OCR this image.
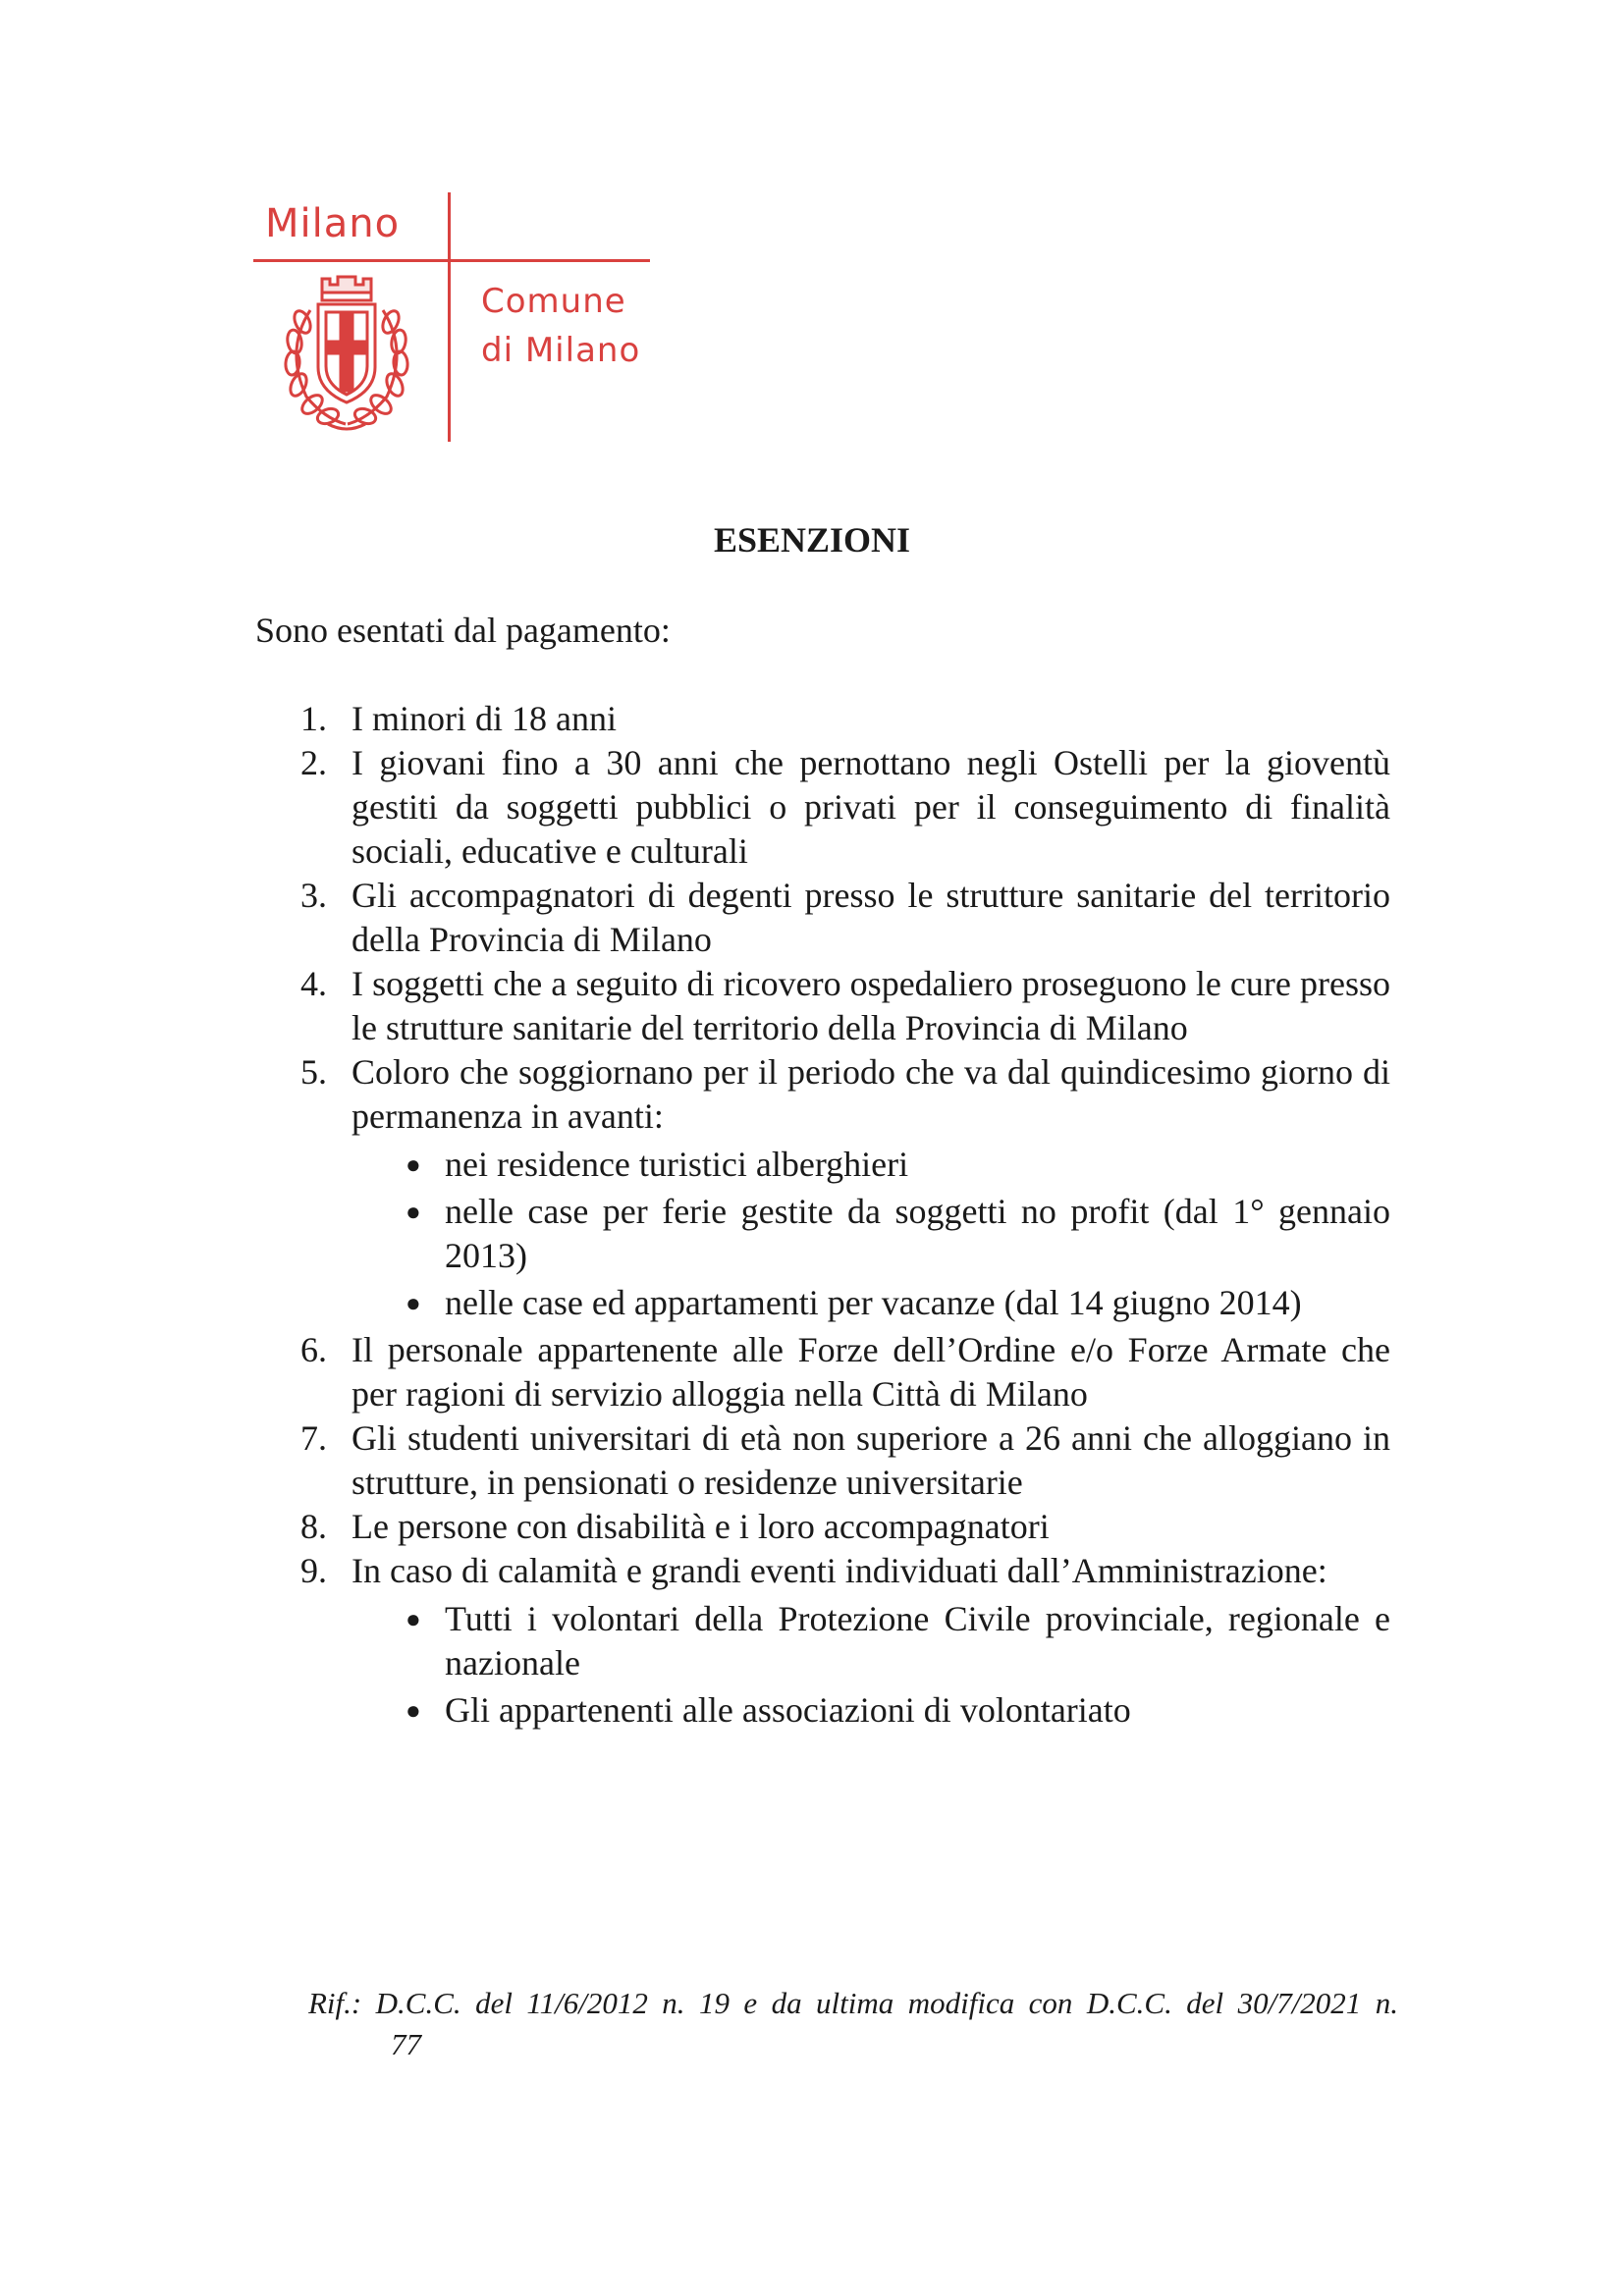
Milano
Comune
di Milano
ESENZIONI

Sono esentati dal pagamento:

1. I minori di 18 anni
2. I giovani fino a 30 anni che pernottano negli Ostelli per la gioventù gestiti da soggetti pubblici o privati per il conseguimento di finalità sociali, educative e culturali
3. Gli accompagnatori di degenti presso le strutture sanitarie del territorio della Provincia di Milano
4. I soggetti che a seguito di ricovero ospedaliero proseguono le cure presso le strutture sanitarie del territorio della Provincia di Milano
5. Coloro che soggiornano per il periodo che va dal quindicesimo giorno di permanenza in avanti:
● nei residence turistici alberghieri
● nelle case per ferie gestite da soggetti no profit (dal 1° gennaio 2013)
● nelle case ed appartamenti per vacanze (dal 14 giugno 2014)
6. Il personale appartenente alle Forze dell’Ordine e/o Forze Armate che per ragioni di servizio alloggia nella Città di Milano
7. Gli studenti universitari di età non superiore a 26 anni che alloggiano in strutture, in pensionati o residenze universitarie
8. Le persone con disabilità e i loro accompagnatori
9. In caso di calamità e grandi eventi individuati dall’Amministrazione:
● Tutti i volontari della Protezione Civile provinciale, regionale e nazionale
● Gli appartenenti alle associazioni di volontariato

Rif.: D.C.C. del 11/6/2012 n. 19 e da ultima modifica con D.C.C. del 30/7/2021 n.
77
